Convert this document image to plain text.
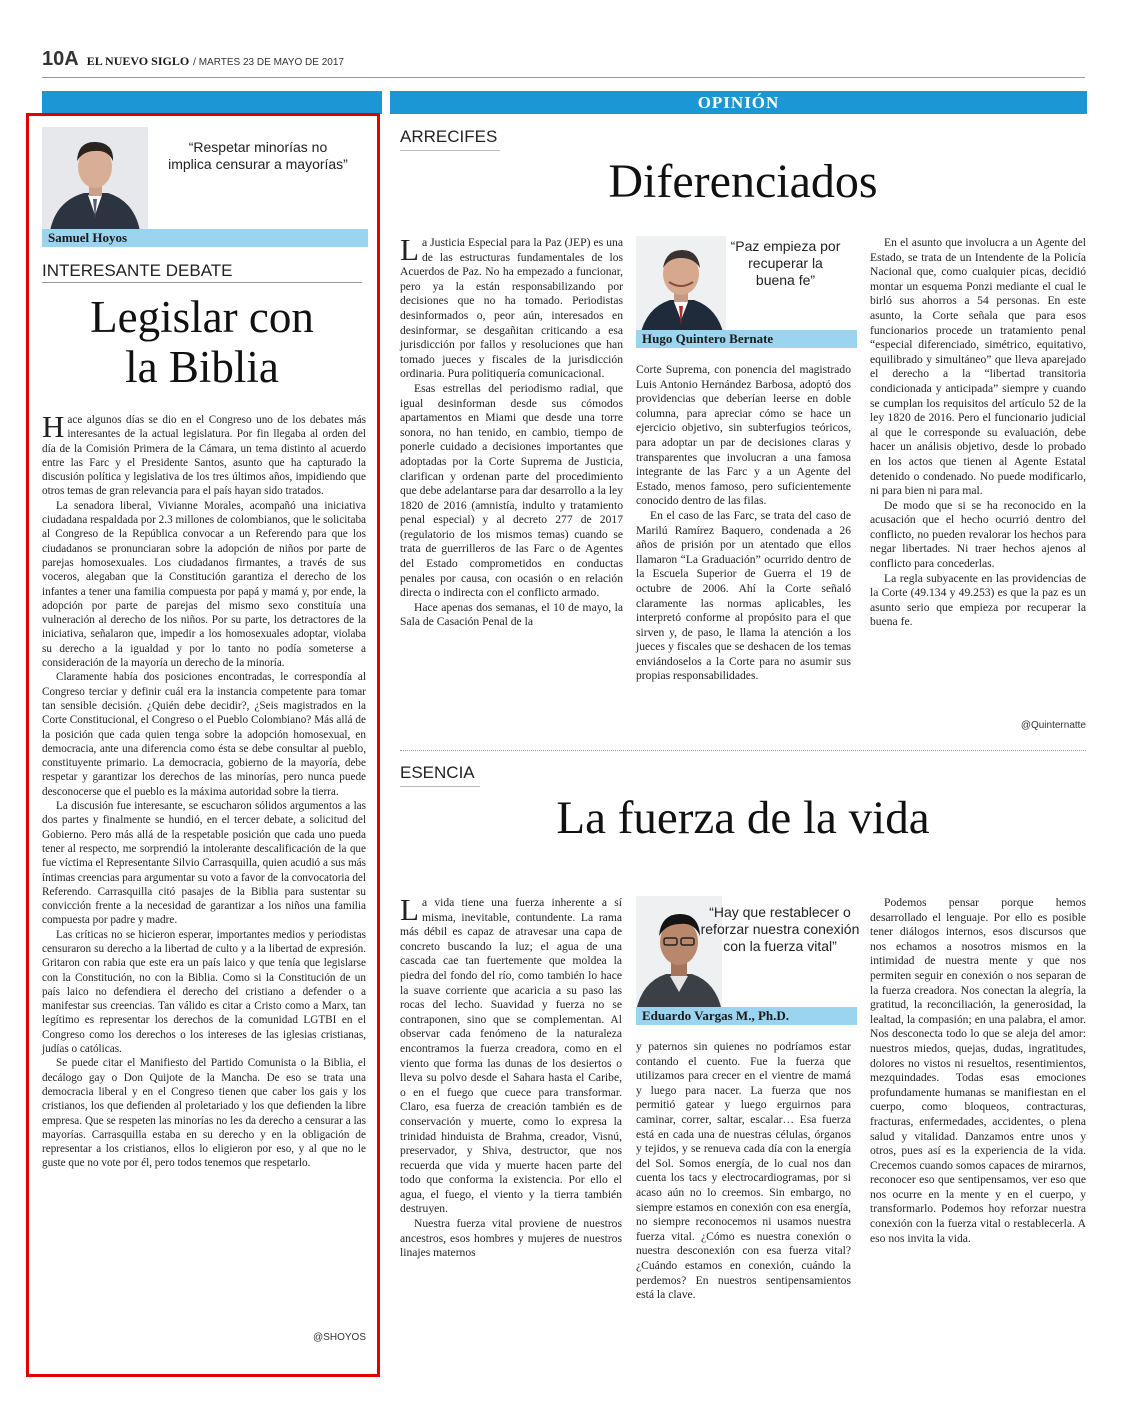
10A EL NUEVO SIGLO / MARTES 23 DE MAYO DE 2017
OPINIÓN
“Respetar minorías no implica censurar a mayorías”
Samuel Hoyos
INTERESANTE DEBATE
Legislar con
la Biblia

Hace algunos días se dio en el Congreso uno de los debates más interesantes de la actual legislatura. Por fin llegaba al orden del día de la Comisión Primera de la Cámara, un tema distinto al acuerdo entre las Farc y el Presidente Santos, asunto que ha capturado la discusión política y legislativa de los tres últimos años, impidiendo que otros temas de gran relevancia para el país hayan sido tratados.

La senadora liberal, Vivianne Morales, acompañó una iniciativa ciudadana respaldada por 2.3 millones de colombianos, que le solicitaba al Congreso de la República convocar a un Referendo para que los ciudadanos se pronunciaran sobre la adopción de niños por parte de parejas homosexuales. Los ciudadanos firmantes, a través de sus voceros, alegaban que la Constitución garantiza el derecho de los infantes a tener una familia compuesta por papá y mamá y, por ende, la adopción por parte de parejas del mismo sexo constituía una vulneración al derecho de los niños. Por su parte, los detractores de la iniciativa, señalaron que, impedir a los homosexuales adoptar, violaba su derecho a la igualdad y por lo tanto no podía someterse a consideración de la mayoría un derecho de la minoría.

Claramente había dos posiciones encontradas, le correspondía al Congreso terciar y definir cuál era la instancia competente para tomar tan sensible decisión. ¿Quién debe decidir?, ¿Seis magistrados en la Corte Constitucional, el Congreso o el Pueblo Colombiano? Más allá de la posición que cada quien tenga sobre la adopción homosexual, en democracia, ante una diferencia como ésta se debe consultar al pueblo, constituyente primario. La democracia, gobierno de la mayoría, debe respetar y garantizar los derechos de las minorías, pero nunca puede desconocerse que el pueblo es la máxima autoridad sobre la tierra.

La discusión fue interesante, se escucharon sólidos argumentos a las dos partes y finalmente se hundió, en el tercer debate, a solicitud del Gobierno. Pero más allá de la respetable posición que cada uno pueda tener al respecto, me sorprendió la intolerante descalificación de la que fue víctima el Representante Silvio Carrasquilla, quien acudió a sus más íntimas creencias para argumentar su voto a favor de la convocatoria del Referendo. Carrasquilla citó pasajes de la Biblia para sustentar su convicción frente a la necesidad de garantizar a los niños una familia compuesta por padre y madre.

Las críticas no se hicieron esperar, importantes medios y periodistas censuraron su derecho a la libertad de culto y a la libertad de expresión. Gritaron con rabia que este era un país laico y que tenía que legislarse con la Constitución, no con la Biblia. Como si la Constitución de un país laico no defendiera el derecho del cristiano a defender o a manifestar sus creencias. Tan válido es citar a Cristo como a Marx, tan legítimo es representar los derechos de la comunidad LGTBI en el Congreso como los derechos o los intereses de las iglesias cristianas, judías o católicas.

Se puede citar el Manifiesto del Partido Comunista o la Biblia, el decálogo gay o Don Quijote de la Mancha. De eso se trata una democracia liberal y en el Congreso tienen que caber los gais y los cristianos, los que defienden al proletariado y los que defienden la libre empresa. Que se respeten las minorías no les da derecho a censurar a las mayorías. Carrasquilla estaba en su derecho y en la obligación de representar a los cristianos, ellos lo eligieron por eso, y al que no le guste que no vote por él, pero todos tenemos que respetarlo.

@SHOYOS
ARRECIFES
Diferenciados

La Justicia Especial para la Paz (JEP) es una de las estructuras fundamentales de los Acuerdos de Paz. No ha empezado a funcionar, pero ya la están responsabilizando por decisiones que no ha tomado. Periodistas desinformados o, peor aún, interesados en desinformar, se desgañitan criticando a esa jurisdicción por fallos y resoluciones que han tomado jueces y fiscales de la jurisdicción ordinaria. Pura politiquería comunicacional.

Esas estrellas del periodismo radial, que igual desinforman desde sus cómodos apartamentos en Miami que desde una torre sonora, no han tenido, en cambio, tiempo de ponerle cuidado a decisiones importantes que adoptadas por la Corte Suprema de Justicia, clarifican y ordenan parte del procedimiento que debe adelantarse para dar desarrollo a la ley 1820 de 2016 (amnistía, indulto y tratamiento penal especial) y al decreto 277 de 2017 (regulatorio de los mismos temas) cuando se trata de guerrilleros de las Farc o de Agentes del Estado comprometidos en conductas penales por causa, con ocasión o en relación directa o indirecta con el conflicto armado.

Hace apenas dos semanas, el 10 de mayo, la Sala de Casación Penal de la

“Paz empieza por recuperar la buena fe”
Hugo Quintero Bernate

Corte Suprema, con ponencia del magistrado Luis Antonio Hernández Barbosa, adoptó dos providencias que deberían leerse en doble columna, para apreciar cómo se hace un ejercicio objetivo, sin subterfugios teóricos, para adoptar un par de decisiones claras y transparentes que involucran a una famosa integrante de las Farc y a un Agente del Estado, menos famoso, pero suficientemente conocido dentro de las filas.

En el caso de las Farc, se trata del caso de Marilú Ramírez Baquero, condenada a 26 años de prisión por un atentado que ellos llamaron “La Graduación” ocurrido dentro de la Escuela Superior de Guerra el 19 de octubre de 2006. Ahí la Corte señaló claramente las normas aplicables, les interpretó conforme al propósito para el que sirven y, de paso, le llama la atención a los jueces y fiscales que se deshacen de los temas enviándoselos a la Corte para no asumir sus propias responsabilidades.

En el asunto que involucra a un Agente del Estado, se trata de un Intendente de la Policía Nacional que, como cualquier picas, decidió montar un esquema Ponzi mediante el cual le birló sus ahorros a 54 personas. En este asunto, la Corte señala que para esos funcionarios procede un tratamiento penal “especial diferenciado, simétrico, equitativo, equilibrado y simultáneo” que lleva aparejado el derecho a la “libertad transitoria condicionada y anticipada” siempre y cuando se cumplan los requisitos del artículo 52 de la ley 1820 de 2016. Pero el funcionario judicial al que le corresponde su evaluación, debe hacer un análisis objetivo, desde lo probado en los actos que tienen al Agente Estatal detenido o condenado. No puede modificarlo, ni para bien ni para mal.

De modo que si se ha reconocido en la acusación que el hecho ocurrió dentro del conflicto, no pueden revalorar los hechos para negar libertades. Ni traer hechos ajenos al conflicto para concederlas.

La regla subyacente en las providencias de la Corte (49.134 y 49.253) es que la paz es un asunto serio que empieza por recuperar la buena fe.

@Quinternatte
ESENCIA
La fuerza de la vida

La vida tiene una fuerza inherente a sí misma, inevitable, contundente. La rama más débil es capaz de atravesar una capa de concreto buscando la luz; el agua de una cascada cae tan fuertemente que moldea la piedra del fondo del río, como también lo hace la suave corriente que acaricia a su paso las rocas del lecho. Suavidad y fuerza no se contraponen, sino que se complementan. Al observar cada fenómeno de la naturaleza encontramos la fuerza creadora, como en el viento que forma las dunas de los desiertos o lleva su polvo desde el Sahara hasta el Caribe, o en el fuego que cuece para transformar. Claro, esa fuerza de creación también es de conservación y muerte, como lo expresa la trinidad hinduista de Brahma, creador, Visnú, preservador, y Shiva, destructor, que nos recuerda que vida y muerte hacen parte del todo que conforma la existencia. Por ello el agua, el fuego, el viento y la tierra también destruyen.

Nuestra fuerza vital proviene de nuestros ancestros, esos hombres y mujeres de nuestros linajes maternos

“Hay que restablecer o reforzar nuestra conexión con la fuerza vital”
Eduardo Vargas M., Ph.D.

y paternos sin quienes no podríamos estar contando el cuento. Fue la fuerza que utilizamos para crecer en el vientre de mamá y luego para nacer. La fuerza que nos permitió gatear y luego erguirnos para caminar, correr, saltar, escalar… Esa fuerza está en cada una de nuestras células, órganos y tejidos, y se renueva cada día con la energía del Sol. Somos energía, de lo cual nos dan cuenta los tacs y electrocardiogramas, por si acaso aún no lo creemos. Sin embargo, no siempre estamos en conexión con esa energía, no siempre reconocemos ni usamos nuestra fuerza vital. ¿Cómo es nuestra conexión o nuestra desconexión con esa fuerza vital? ¿Cuándo estamos en conexión, cuándo la perdemos? En nuestros sentipensamientos está la clave.

Podemos pensar porque hemos desarrollado el lenguaje. Por ello es posible tener diálogos internos, esos discursos que nos echamos a nosotros mismos en la intimidad de nuestra mente y que nos permiten seguir en conexión o nos separan de la fuerza creadora. Nos conectan la alegría, la gratitud, la reconciliación, la generosidad, la lealtad, la compasión; en una palabra, el amor. Nos desconecta todo lo que se aleja del amor: nuestros miedos, quejas, dudas, ingratitudes, dolores no vistos ni resueltos, resentimientos, mezquindades. Todas esas emociones profundamente humanas se manifiestan en el cuerpo, como bloqueos, contracturas, fracturas, enfermedades, accidentes, o plena salud y vitalidad. Danzamos entre unos y otros, pues así es la experiencia de la vida. Crecemos cuando somos capaces de mirarnos, reconocer eso que sentipensamos, ver eso que nos ocurre en la mente y en el cuerpo, y transformarlo. Podemos hoy reforzar nuestra conexión con la fuerza vital o restablecerla. A eso nos invita la vida.
